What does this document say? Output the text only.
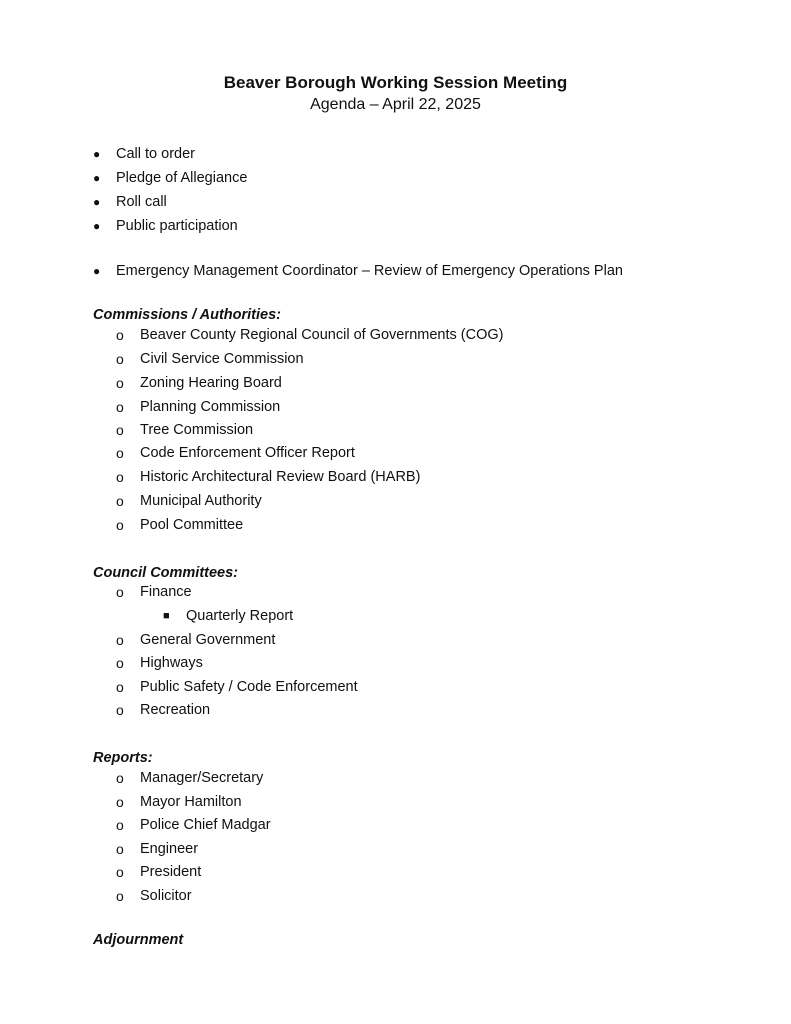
Beaver Borough Working Session Meeting

Agenda – April 22, 2025

● Call to order
● Pledge of Allegiance
● Roll call
● Public participation
● Emergency Management Coordinator – Review of Emergency Operations Plan
Commissions / Authorities:
o Beaver County Regional Council of Governments (COG)
o Civil Service Commission
o Zoning Hearing Board
o Planning Commission
o Tree Commission
o Code Enforcement Officer Report
o Historic Architectural Review Board (HARB)
o Municipal Authority
o Pool Committee
Council Committees:
o Finance
■ Quarterly Report
o General Government
o Highways
o Public Safety / Code Enforcement
o Recreation
Reports:
o Manager/Secretary
o Mayor Hamilton
o Police Chief Madgar
o Engineer
o President
o Solicitor
Adjournment
